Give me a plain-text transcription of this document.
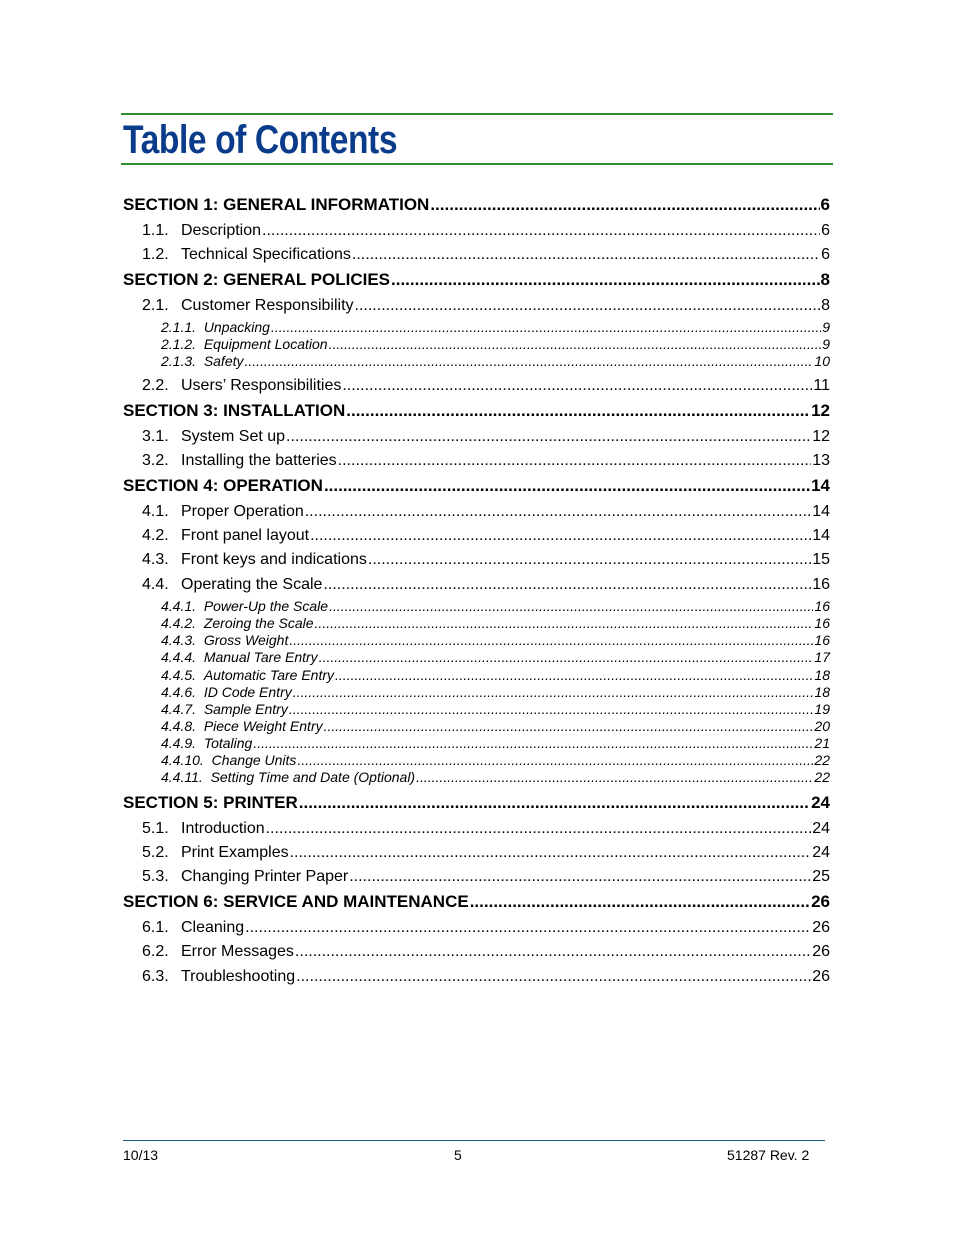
Table of Contents
SECTION 1: GENERAL INFORMATION .....	6
1.1. Description .....	6
1.2. Technical Specifications .....	6
SECTION 2: GENERAL POLICIES .....	8
2.1. Customer Responsibility .....	8
2.1.1. Unpacking .....	9
2.1.2. Equipment Location .....	9
2.1.3. Safety .....	10
2.2. Users’ Responsibilities .....	11
SECTION 3: INSTALLATION .....	12
3.1. System Set up .....	12
3.2. Installing the batteries .....	13
SECTION 4: OPERATION .....	14
4.1. Proper Operation .....	14
4.2. Front panel layout .....	14
4.3. Front keys and indications .....	15
4.4. Operating the Scale .....	16
4.4.1. Power-Up the Scale .....	16
4.4.2. Zeroing the Scale .....	16
4.4.3. Gross Weight .....	16
4.4.4. Manual Tare Entry .....	17
4.4.5. Automatic Tare Entry .....	18
4.4.6. ID Code Entry .....	18
4.4.7. Sample Entry .....	19
4.4.8. Piece Weight Entry .....	20
4.4.9. Totaling .....	21
4.4.10. Change Units .....	22
4.4.11. Setting Time and Date (Optional) .....	22
SECTION 5: PRINTER .....	24
5.1. Introduction .....	24
5.2. Print Examples .....	24
5.3. Changing Printer Paper .....	25
SECTION 6: SERVICE AND MAINTENANCE .....	26
6.1. Cleaning .....	26
6.2. Error Messages .....	26
6.3. Troubleshooting .....	26
10/13	5	51287 Rev. 2
